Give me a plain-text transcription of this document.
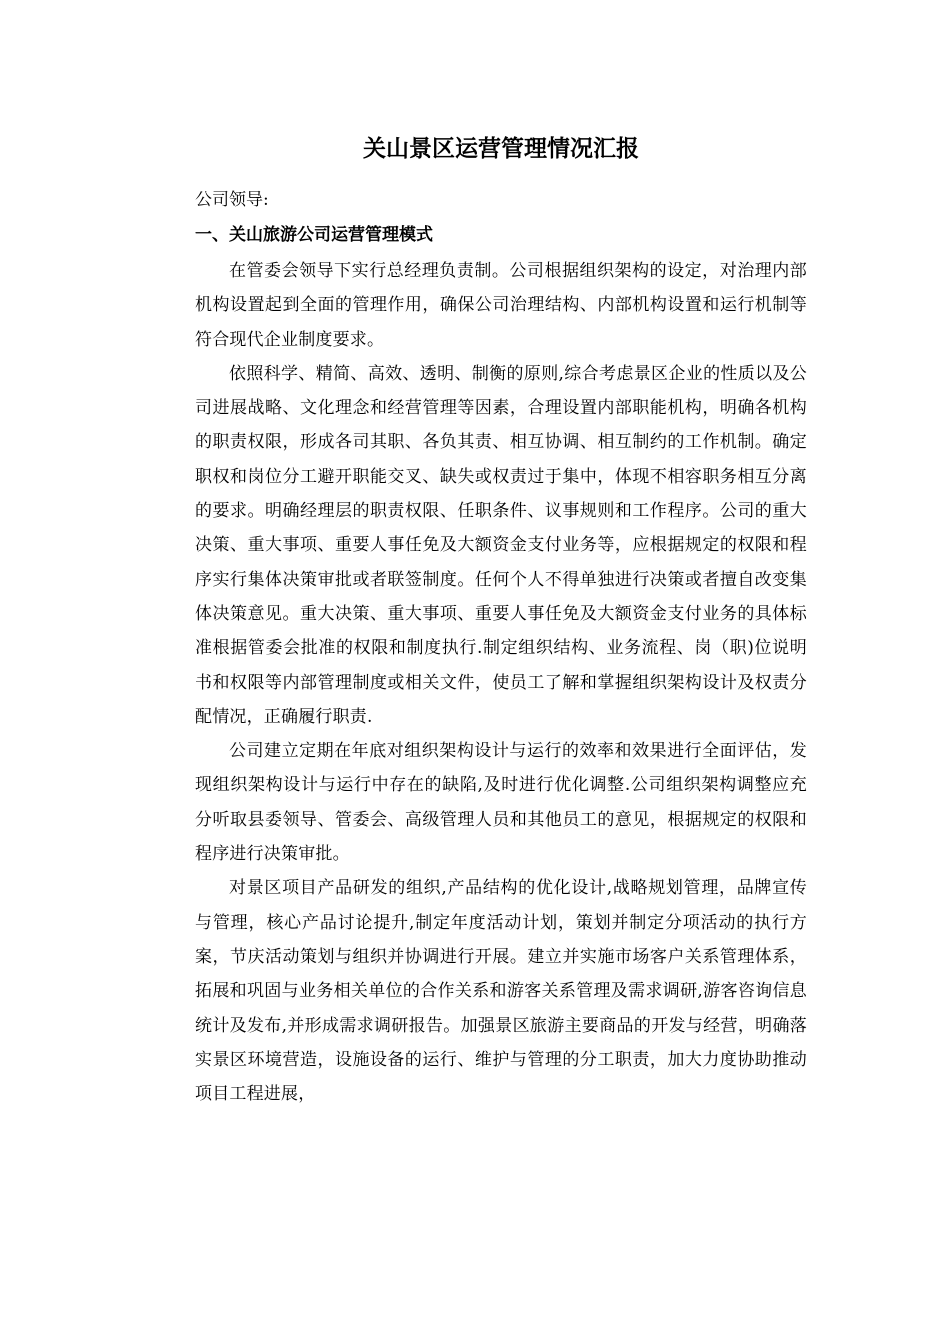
关山景区运营管理情况汇报

公司领导:

一、关山旅游公司运营管理模式

在管委会领导下实行总经理负责制。公司根据组织架构的设定，对治理内部机构设置起到全面的管理作用，确保公司治理结构、内部机构设置和运行机制等符合现代企业制度要求。

依照科学、精简、高效、透明、制衡的原则,综合考虑景区企业的性质以及公司进展战略、文化理念和经营管理等因素，合理设置内部职能机构，明确各机构的职责权限，形成各司其职、各负其责、相互协调、相互制约的工作机制。确定职权和岗位分工避开职能交叉、缺失或权责过于集中，体现不相容职务相互分离的要求。明确经理层的职责权限、任职条件、议事规则和工作程序。公司的重大决策、重大事项、重要人事任免及大额资金支付业务等，应根据规定的权限和程序实行集体决策审批或者联签制度。任何个人不得单独进行决策或者擅自改变集体决策意见。重大决策、重大事项、重要人事任免及大额资金支付业务的具体标准根据管委会批准的权限和制度执行.制定组织结构、业务流程、岗（职)位说明书和权限等内部管理制度或相关文件，使员工了解和掌握组织架构设计及权责分配情况，正确履行职责.

公司建立定期在年底对组织架构设计与运行的效率和效果进行全面评估，发现组织架构设计与运行中存在的缺陷,及时进行优化调整.公司组织架构调整应充分听取县委领导、管委会、高级管理人员和其他员工的意见，根据规定的权限和程序进行决策审批。

对景区项目产品研发的组织,产品结构的优化设计,战略规划管理，品牌宣传与管理，核心产品讨论提升,制定年度活动计划，策划并制定分项活动的执行方案，节庆活动策划与组织并协调进行开展。建立并实施市场客户关系管理体系，拓展和巩固与业务相关单位的合作关系和游客关系管理及需求调研,游客咨询信息统计及发布,并形成需求调研报告。加强景区旅游主要商品的开发与经营，明确落实景区环境营造，设施设备的运行、维护与管理的分工职责，加大力度协助推动项目工程进展，
